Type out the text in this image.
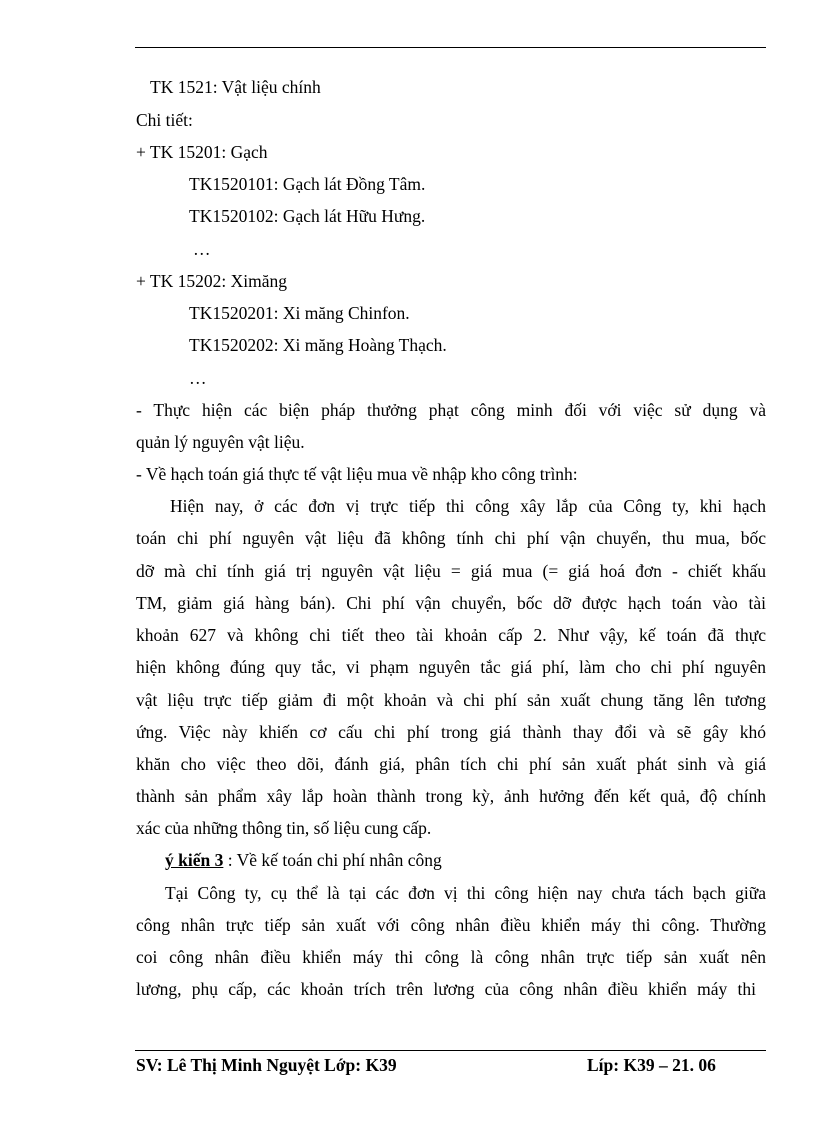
TK 1521: Vật liệu chính
Chi tiết:
+ TK 15201: Gạch
TK1520101: Gạch lát Đồng Tâm.
TK1520102: Gạch lát Hữu Hưng.
…
+ TK 15202: Ximăng
TK1520201: Xi măng Chinfon.
TK1520202: Xi măng Hoàng Thạch.
…
- Thực hiện các biện pháp thưởng phạt công minh đối với việc sử dụng và
quản lý nguyên vật liệu.
- Về hạch toán giá thực tế vật liệu mua về nhập kho công trình:
Hiện nay, ở các đơn vị trực tiếp thi công xây lắp của Công ty, khi hạch
toán chi phí nguyên vật liệu đã không tính chi phí vận chuyển, thu mua, bốc
dỡ mà chỉ tính giá trị nguyên vật liệu = giá mua (= giá hoá đơn - chiết khấu
TM, giảm giá hàng bán). Chi phí vận chuyển, bốc dỡ được hạch toán vào tài
khoản 627 và không chi tiết theo tài khoản cấp 2. Như vậy, kế toán đã thực
hiện không đúng quy tắc, vi phạm nguyên tắc giá phí, làm cho chi phí nguyên
vật liệu trực tiếp giảm đi một khoản và chi phí sản xuất chung tăng lên tương
ứng. Việc này khiến cơ cấu chi phí trong giá thành thay đổi và sẽ gây khó
khăn cho việc theo dõi, đánh giá, phân tích chi phí sản xuất phát sinh và giá
thành sản phẩm xây lắp hoàn thành trong kỳ, ảnh hưởng đến kết quả, độ chính
xác của những thông tin, số liệu cung cấp.
ý kiến 3 : Về kế toán chi phí nhân công
Tại Công ty, cụ thể là tại các đơn vị thi công hiện nay chưa tách bạch giữa
công nhân trực tiếp sản xuất với công nhân điều khiển máy thi công. Thường
coi công nhân điều khiển máy thi công là công nhân trực tiếp sản xuất nên
lương, phụ cấp, các khoản trích trên lương của công nhân điều khiển máy thi
SV: Lê Thị Minh Nguyệt Lớp: K39	Líp: K39 – 21. 06
